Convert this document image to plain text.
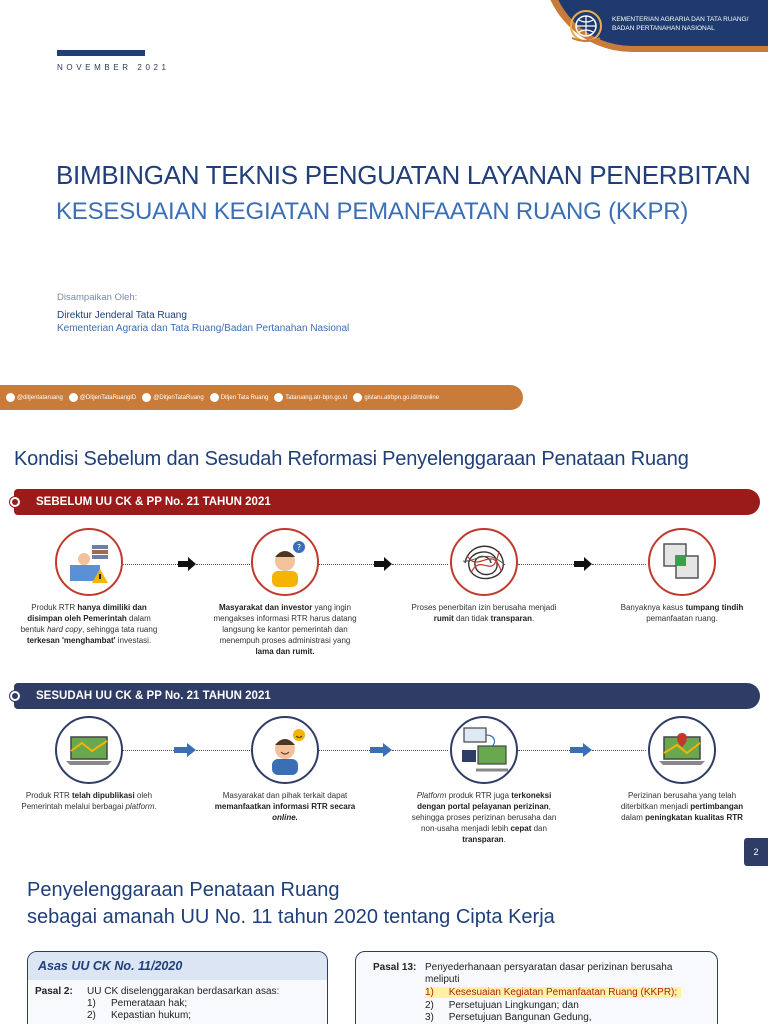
NOVEMBER 2021
KEMENTERIAN AGRARIA DAN TATA RUANG/
BADAN PERTANAHAN NASIONAL
BIMBINGAN TEKNIS PENGUATAN LAYANAN PENERBITAN
KESESUAIAN KEGIATAN PEMANFAATAN RUANG (KKPR)
Disampaikan Oleh:
Direktur Jenderal Tata Ruang
Kementerian Agraria dan Tata Ruang/Badan Pertanahan Nasional
@ditjentataruang	@DitjenTataRuangID	@DitjenTataRuang	Ditjen Tata Ruang	Tataruang.atr-bpn.go.id	gistaru.atrbpn.go.id/rtronline
Kondisi Sebelum dan Sesudah Reformasi Penyelenggaraan Penataan Ruang
SEBELUM UU CK & PP No. 21 TAHUN 2021
Produk RTR hanya dimiliki dan disimpan oleh Pemerintah dalam bentuk hard copy, sehingga tata ruang terkesan 'menghambat' investasi.
?
Masyarakat dan investor yang ingin mengakses informasi RTR harus datang langsung ke kantor pemerintah dan menempuh proses administrasi yang lama dan rumit.
Proses penerbitan izin berusaha menjadi rumit dan tidak transparan.
Banyaknya kasus tumpang tindih pemanfaatan ruang.
SESUDAH UU CK & PP No. 21 TAHUN 2021
Produk RTR telah dipublikasi oleh Pemerintah melalui berbagai platform.
Masyarakat dan pihak terkait dapat memanfaatkan informasi RTR secara online.
Platform produk RTR juga terkoneksi dengan portal pelayanan perizinan, sehingga proses perizinan berusaha dan non-usaha menjadi lebih cepat dan transparan.
Perizinan berusaha yang telah diterbitkan menjadi pertimbangan dalam peningkatan kualitas RTR
2
Penyelenggaraan Penataan Ruang
sebagai amanah UU No. 11 tahun 2020 tentang Cipta Kerja
Asas UU CK No. 11/2020
Pasal 2: UU CK diselenggarakan berdasarkan asas:
1) Pemerataan hak;
2) Kepastian hukum;
Pasal 13: Penyederhanaan persyaratan dasar perizinan berusaha
meliputi
1) Kesesuaian Kegiatan Pemanfaatan Ruang (KKPR);
2) Persetujuan Lingkungan; dan
3) Persetujuan Bangunan Gedung,
